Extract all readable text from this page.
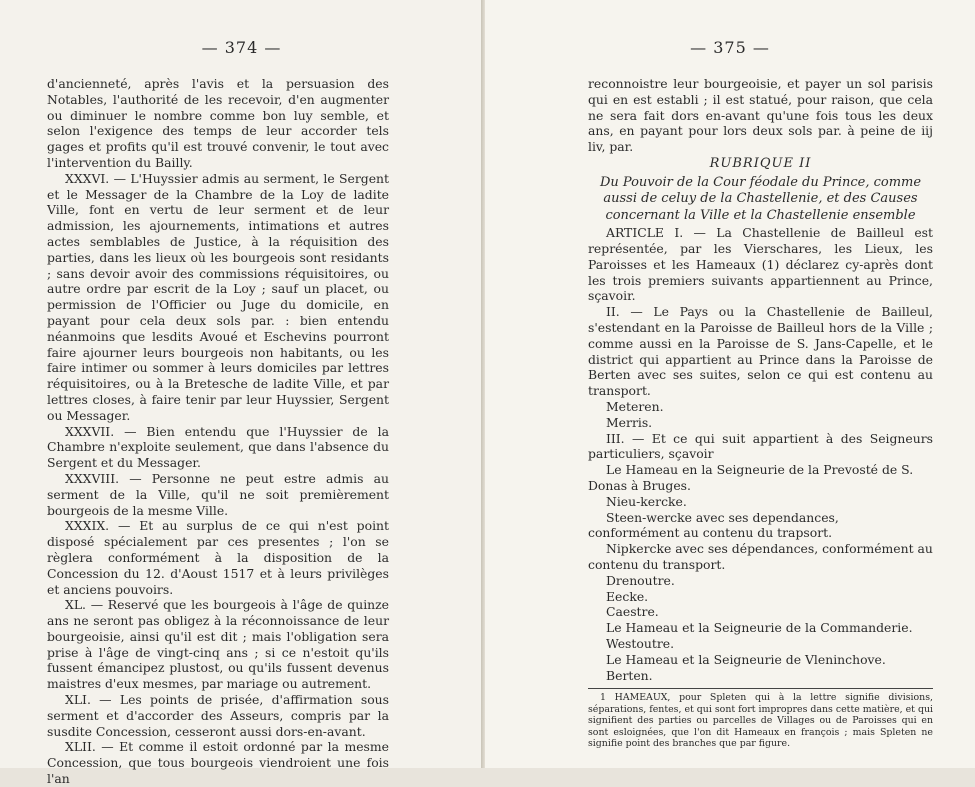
— 374 —

d'ancienneté, après l'avis et la persuasion des Notables, l'authorité de les recevoir, d'en augmenter ou diminuer le nombre comme bon luy semble, et selon l'exigence des temps de leur accorder tels gages et profits qu'il est trouvé convenir, le tout avec l'intervention du Bailly.

XXXVI. — L'Huyssier admis au serment, le Sergent et le Messager de la Chambre de la Loy de ladite Ville, font en vertu de leur serment et de leur admission, les ajournements, intimations et autres actes semblables de Justice, à la réquisition des parties, dans les lieux où les bourgeois sont residants ; sans devoir avoir des commissions réquisitoires, ou autre ordre par escrit de la Loy ; sauf un placet, ou permission de l'Officier ou Juge du domicile, en payant pour cela deux sols par. : bien entendu néanmoins que lesdits Avoué et Eschevins pourront faire ajourner leurs bourgeois non habitants, ou les faire intimer ou sommer à leurs domiciles par lettres réquisitoires, ou à la Bretesche de ladite Ville, et par lettres closes, à faire tenir par leur Huyssier, Sergent ou Messager.

XXXVII. — Bien entendu que l'Huyssier de la Chambre n'exploite seulement, que dans l'absence du Sergent et du Messager.

XXXVIII. — Personne ne peut estre admis au serment de la Ville, qu'il ne soit premièrement bourgeois de la mesme Ville.

XXXIX. — Et au surplus de ce qui n'est point disposé spécialement par ces presentes ; l'on se règlera conformément à la disposition de la Concession du 12. d'Aoust 1517 et à leurs privilèges et anciens pouvoirs.

XL. — Reservé que les bourgeois à l'âge de quinze ans ne seront pas obligez à la réconnoissance de leur bourgeoisie, ainsi qu'il est dit ; mais l'obligation sera prise à l'âge de vingt-cinq ans ; si ce n'estoit qu'ils fussent émancipez plustost, ou qu'ils fussent devenus maistres d'eux mesmes, par mariage ou autrement.

XLI. — Les points de prisée, d'affirmation sous serment et d'accorder des Asseurs, compris par la susdite Concession, cesseront aussi dors-en-avant.

XLII. — Et comme il estoit ordonné par la mesme Concession, que tous bourgeois viendroient une fois l'an

— 375 —

reconnoistre leur bourgeoisie, et payer un sol parisis qui en est establi ; il est statué, pour raison, que cela ne sera fait dors en-avant qu'une fois tous les deux ans, en payant pour lors deux sols par. à peine de iij liv, par.

RUBRIQUE II
Du Pouvoir de la Cour féodale du Prince, comme aussi de celuy de la Chastellenie, et des Causes concernant la Ville et la Chastellenie ensemble

ARTICLE I. — La Chastellenie de Bailleul est représentée, par les Vierschares, les Lieux, les Paroisses et les Hameaux (1) déclarez cy-après dont les trois premiers suivants appartiennent au Prince, sçavoir.

II. — Le Pays ou la Chastellenie de Bailleul, s'estendant en la Paroisse de Bailleul hors de la Ville ; comme aussi en la Paroisse de S. Jans-Capelle, et le district qui appartient au Prince dans la Paroisse de Berten avec ses suites, selon ce qui est contenu au transport.

Meteren.

Merris.

III. — Et ce qui suit appartient à des Seigneurs particuliers, sçavoir

Le Hameau en la Seigneurie de la Prevosté de S. Donas à Bruges.

Nieu-kercke.

Steen-wercke avec ses dependances, conformément au contenu du trapsort.

Nipkercke avec ses dépendances, conformément au contenu du transport.

Drenoutre.

Eecke.

Caestre.

Le Hameau et la Seigneurie de la Commanderie.

Westoutre.

Le Hameau et la Seigneurie de Vleninchove.

Berten.

1 HAMEAUX, pour Spleten qui à la lettre signifie divisions, séparations, fentes, et qui sont fort impropres dans cette matière, et qui signifient des parties ou parcelles de Villages ou de Paroisses qui en sont esloignées, que l'on dit Hameaux en françois ; mais Spleten ne signifie point des branches que par figure.
